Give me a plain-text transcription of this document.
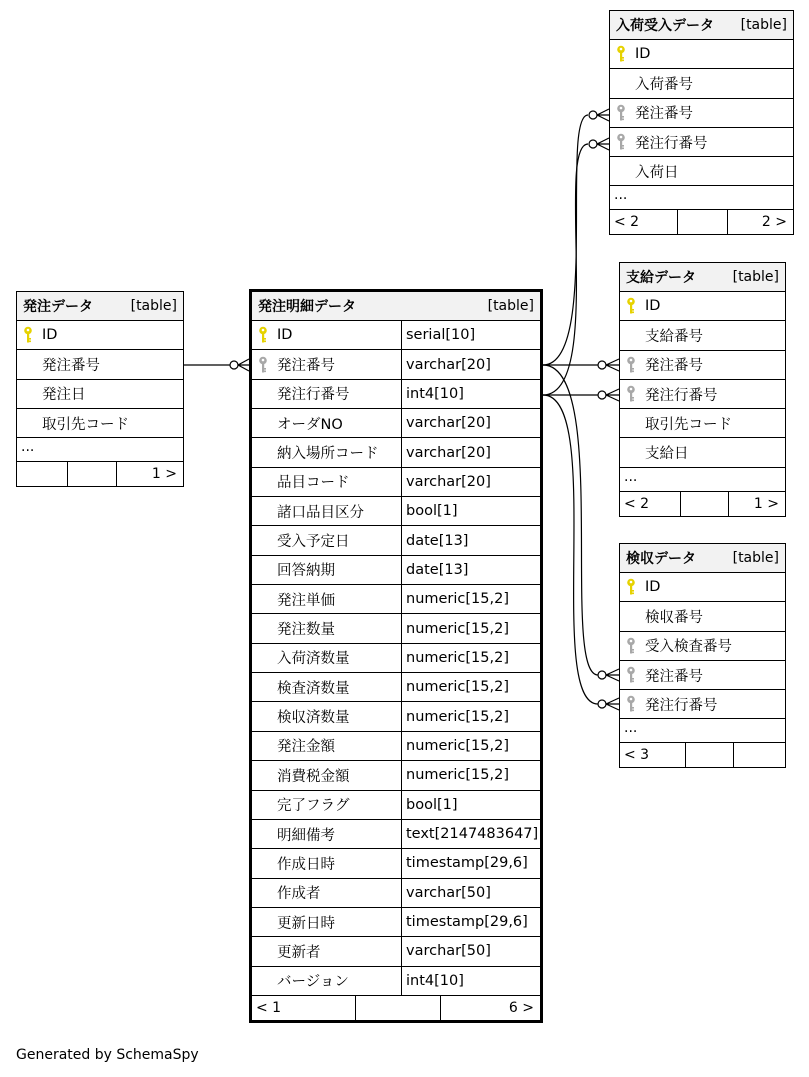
発注データ	[table]
ID
発注番号
発注日
取引先コード
...
1 >
発注明細データ	[table]
ID	serial[10]
発注番号	varchar[20]
発注行番号	int4[10]
オーダNO	varchar[20]
納入場所コード varchar[20]
品目コード	varchar[20]
諸口品目区分	bool[1]
受入予定日	date[13]
回答納期	date[13]
発注単価	numeric[15,2]
発注数量	numeric[15,2]
入荷済数量	numeric[15,2]
検査済数量	numeric[15,2]
検収済数量	numeric[15,2]
発注金額	numeric[15,2]
消費税金額	numeric[15,2]
完了フラグ	bool[1]
明細備考	text[2147483647]
作成日時	timestamp[29,6]
作成者	varchar[50]
更新日時	timestamp[29,6]
更新者	varchar[50]
バージョン	int4[10]
< 1	6 >
入荷受入データ [table]
ID
入荷番号
発注番号
発注行番号
入荷日
...
< 2	2 >
支給データ	[table]
ID
支給番号
発注番号
発注行番号
取引先コード
支給日
...
< 2	1 >
検収データ	[table]
ID
検収番号
受入検査番号
発注番号
発注行番号
...
< 3
Generated by SchemaSpy
